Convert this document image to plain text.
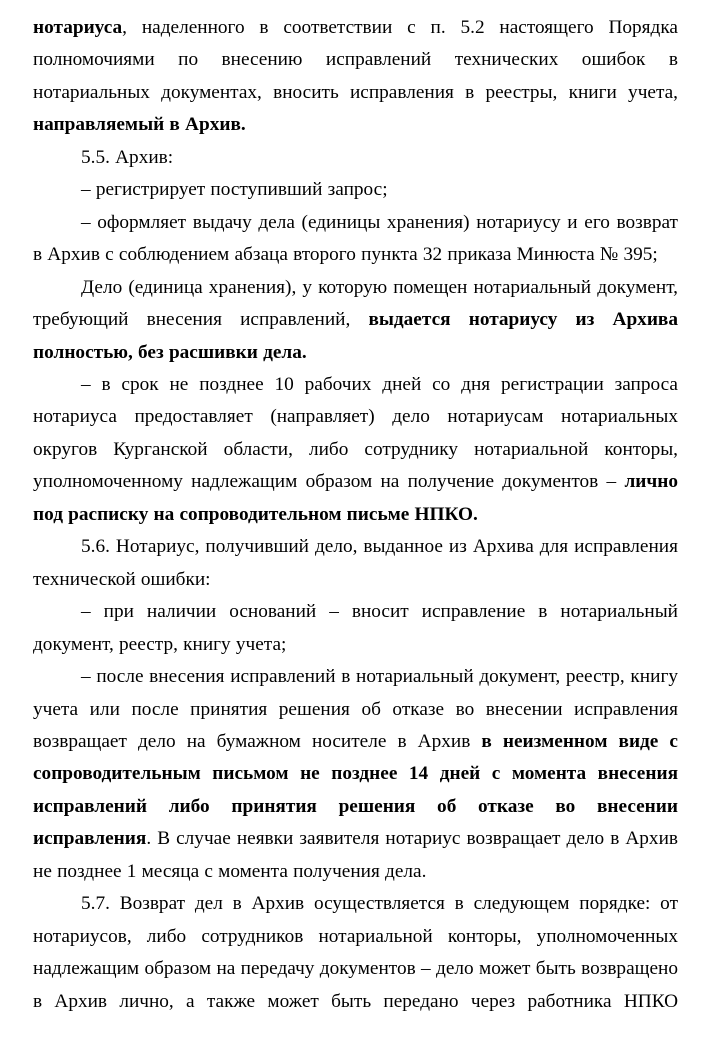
нотариуса, наделенного в соответствии с п. 5.2 настоящего Порядка полномочиями по внесению исправлений технических ошибок в нотариальных документах, вносить исправления в реестры, книги учета, направляемый в Архив.

5.5. Архив:

– регистрирует поступивший запрос;

– оформляет выдачу дела (единицы хранения) нотариусу и его возврат в Архив с соблюдением абзаца второго пункта 32 приказа Минюста № 395;

Дело (единица хранения), у которую помещен нотариальный документ, требующий внесения исправлений, выдается нотариусу из Архива полностью, без расшивки дела.

– в срок не позднее 10 рабочих дней со дня регистрации запроса нотариуса предоставляет (направляет) дело нотариусам нотариальных округов Курганской области, либо сотруднику нотариальной конторы, уполномоченному надлежащим образом на получение документов – лично под расписку на сопроводительном письме НПКО.

5.6. Нотариус, получивший дело, выданное из Архива для исправления технической ошибки:

– при наличии оснований – вносит исправление в нотариальный документ, реестр, книгу учета;

– после внесения исправлений в нотариальный документ, реестр, книгу учета или после принятия решения об отказе во внесении исправления возвращает дело на бумажном носителе в Архив в неизменном виде с сопроводительным письмом не позднее 14 дней с момента внесения исправлений либо принятия решения об отказе во внесении исправления. В случае неявки заявителя нотариус возвращает дело в Архив не позднее 1 месяца с момента получения дела.

5.7. Возврат дел в Архив осуществляется в следующем порядке: от нотариусов, либо сотрудников нотариальной конторы, уполномоченных надлежащим образом на передачу документов – дело может быть возвращено в Архив лично, а также может быть передано через работника НПКО
